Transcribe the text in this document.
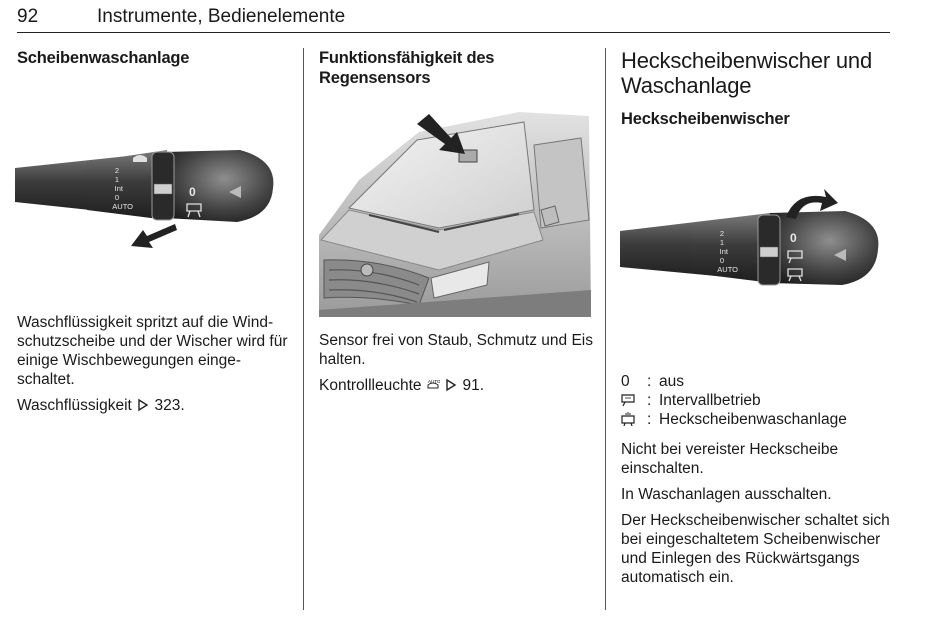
92	Instrumente, Bedienelemente
Scheibenwaschanlage
2
1
Int
0
AUTO
0

Waschflüssigkeit spritzt auf die Windschutzscheibe und der Wischer wird für einige Wischbewegungen eingeschaltet.

Waschflüssigkeit 323.

Funktionsfähigkeit des Regensensors

Sensor frei von Staub, Schmutz und Eis halten.

Kontrollleuchte AUTO 91.

Heckscheibenwischer und Waschanlage
Heckscheibenwischer
2
1
Int
0
AUTO
0
0 : aus
: Intervallbetrieb
: Heckscheibenwaschanlage

Nicht bei vereister Heckscheibe einschalten.

In Waschanlagen ausschalten.

Der Heckscheibenwischer schaltet sich bei eingeschaltetem Scheibenwischer und Einlegen des Rückwärtsgangs automatisch ein.
